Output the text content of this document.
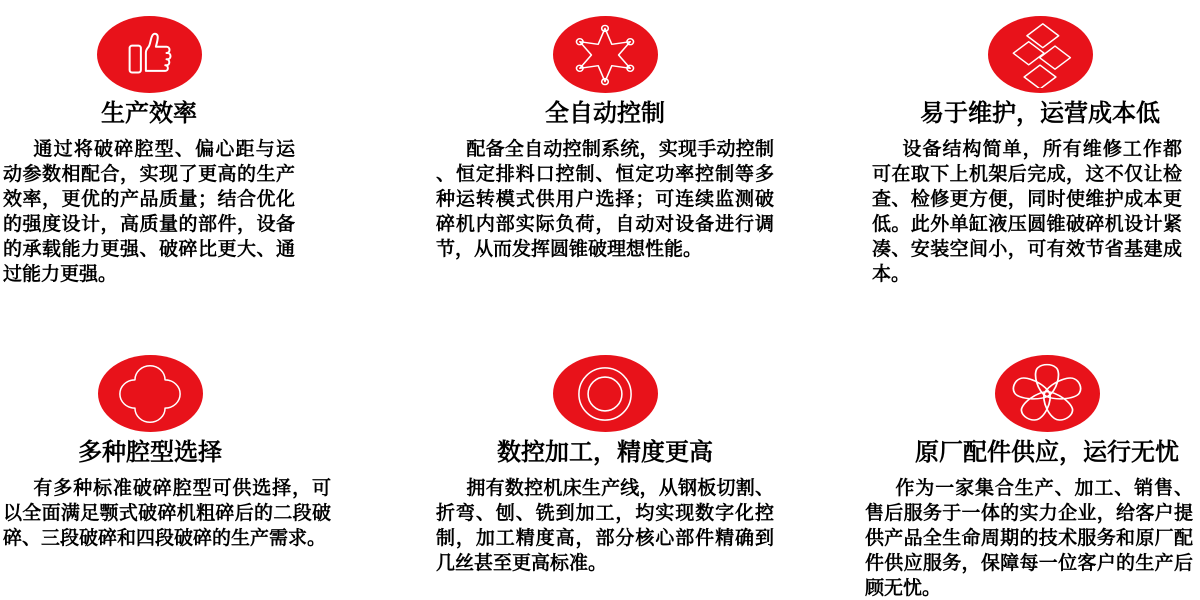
生产效率

通过将破碎腔型、偏心距与运动参数相配合，实现了更高的生产效率，更优的产品质量；结合优化的强度设计，高质量的部件，设备的承载能力更强、破碎比更大、通过能力更强。

全自动控制

配备全自动控制系统，实现手动控制、恒定排料口控制、恒定功率控制等多种运转模式供用户选择；可连续监测破碎机内部实际负荷，自动对设备进行调节，从而发挥圆锥破理想性能。

易于维护，运营成本低

设备结构简单，所有维修工作都可在取下上机架后完成，这不仅让检查、检修更方便，同时使维护成本更低。此外单缸液压圆锥破碎机设计紧凑、安装空间小，可有效节省基建成本。

多种腔型选择

有多种标准破碎腔型可供选择，可以全面满足颚式破碎机粗碎后的二段破碎、三段破碎和四段破碎的生产需求。

数控加工，精度更高

拥有数控机床生产线，从钢板切割、折弯、刨、铣到加工，均实现数字化控制，加工精度高，部分核心部件精确到几丝甚至更高标准。

原厂配件供应，运行无忧

作为一家集合生产、加工、销售、售后服务于一体的实力企业，给客户提供产品全生命周期的技术服务和原厂配件供应服务，保障每一位客户的生产后顾无忧。
